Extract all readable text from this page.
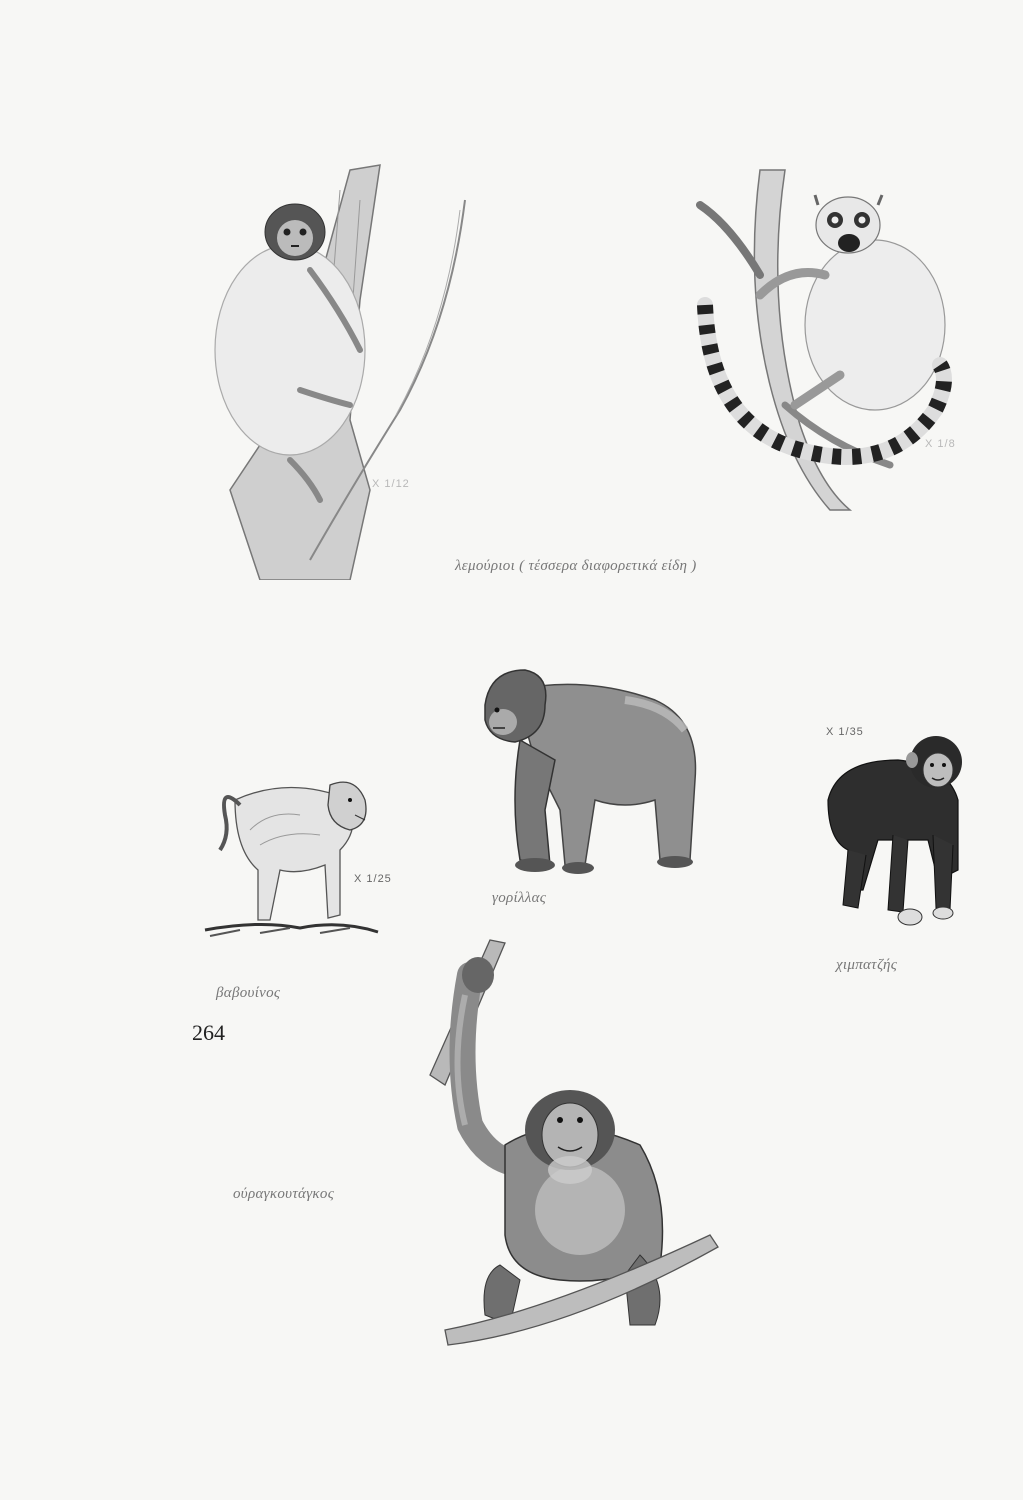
X 1/12
X 1/8
λεμούριοι ( τέσσερα διαφορετικά είδη )
γορίλλας
X 1/35
χιμπατζής
X 1/25
βαβουίνος
ούραγκουτάγκος
264
